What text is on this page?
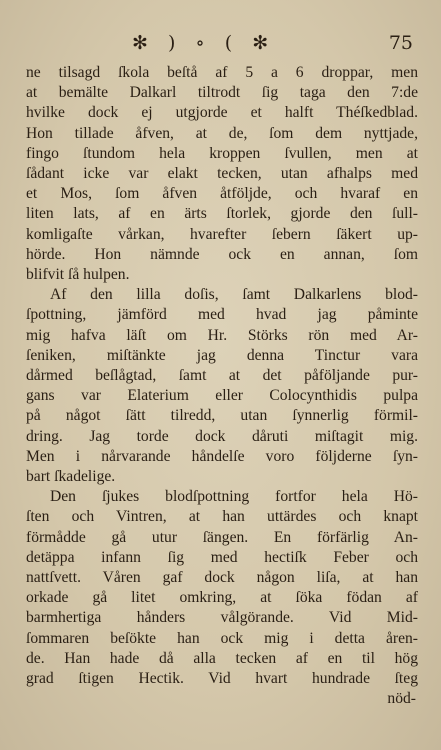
✻ ) ∘ ( ✻	75
ne tilsagd ſkola beſtå af 5 a 6 droppar, men
at bemälte Dalkarl tiltrodt ſig taga den 7:de
hvilke dock ej utgjorde et halft Théſkedblad.
Hon tillade åfven, at de, ſom dem nyttjade,
fingo ſtundom hela kroppen ſvullen, men at
ſådant icke var elakt tecken, utan afhalps med
et Mos, ſom åfven åtföljde, och hvaraf en
liten lats, af en ärts ſtorlek, gjorde den ſull-
komligaſte vårkan, hvarefter ſebern ſäkert up-
hörde. Hon nämnde ock en annan, ſom
blifvit ſå hulpen.
Af den lilla doſis, ſamt Dalkarlens blod-
ſpottning, jämförd med hvad jag påminte
mig hafva läſt om Hr. Störks rön med Ar-
ſeniken, miſtänkte jag denna Tinctur vara
dårmed beſlågtad, ſamt at det påföljande pur-
gans var Elaterium eller Colocynthidis pulpa
på något ſätt tilredd, utan ſynnerlig förmil-
dring. Jag torde dock dåruti miſtagit mig.
Men i nårvarande håndelſe voro följderne ſyn-
bart ſkadelige.
Den ſjukes blodſpottning fortfor hela Hö-
ſten och Vintren, at han uttärdes och knapt
förmådde gå utur ſängen. En förfärlig An-
detäppa infann ſig med hectiſk Feber och
nattſvett. Våren gaf dock någon liſa, at han
orkade gå litet omkring, at ſöka födan af
barmhertiga hånders vålgörande. Vid Mid-
ſommaren beſökte han ock mig i detta åren-
de. Han hade då alla tecken af en til hög
grad ſtigen Hectik. Vid hvart hundrade ſteg
nöd-
